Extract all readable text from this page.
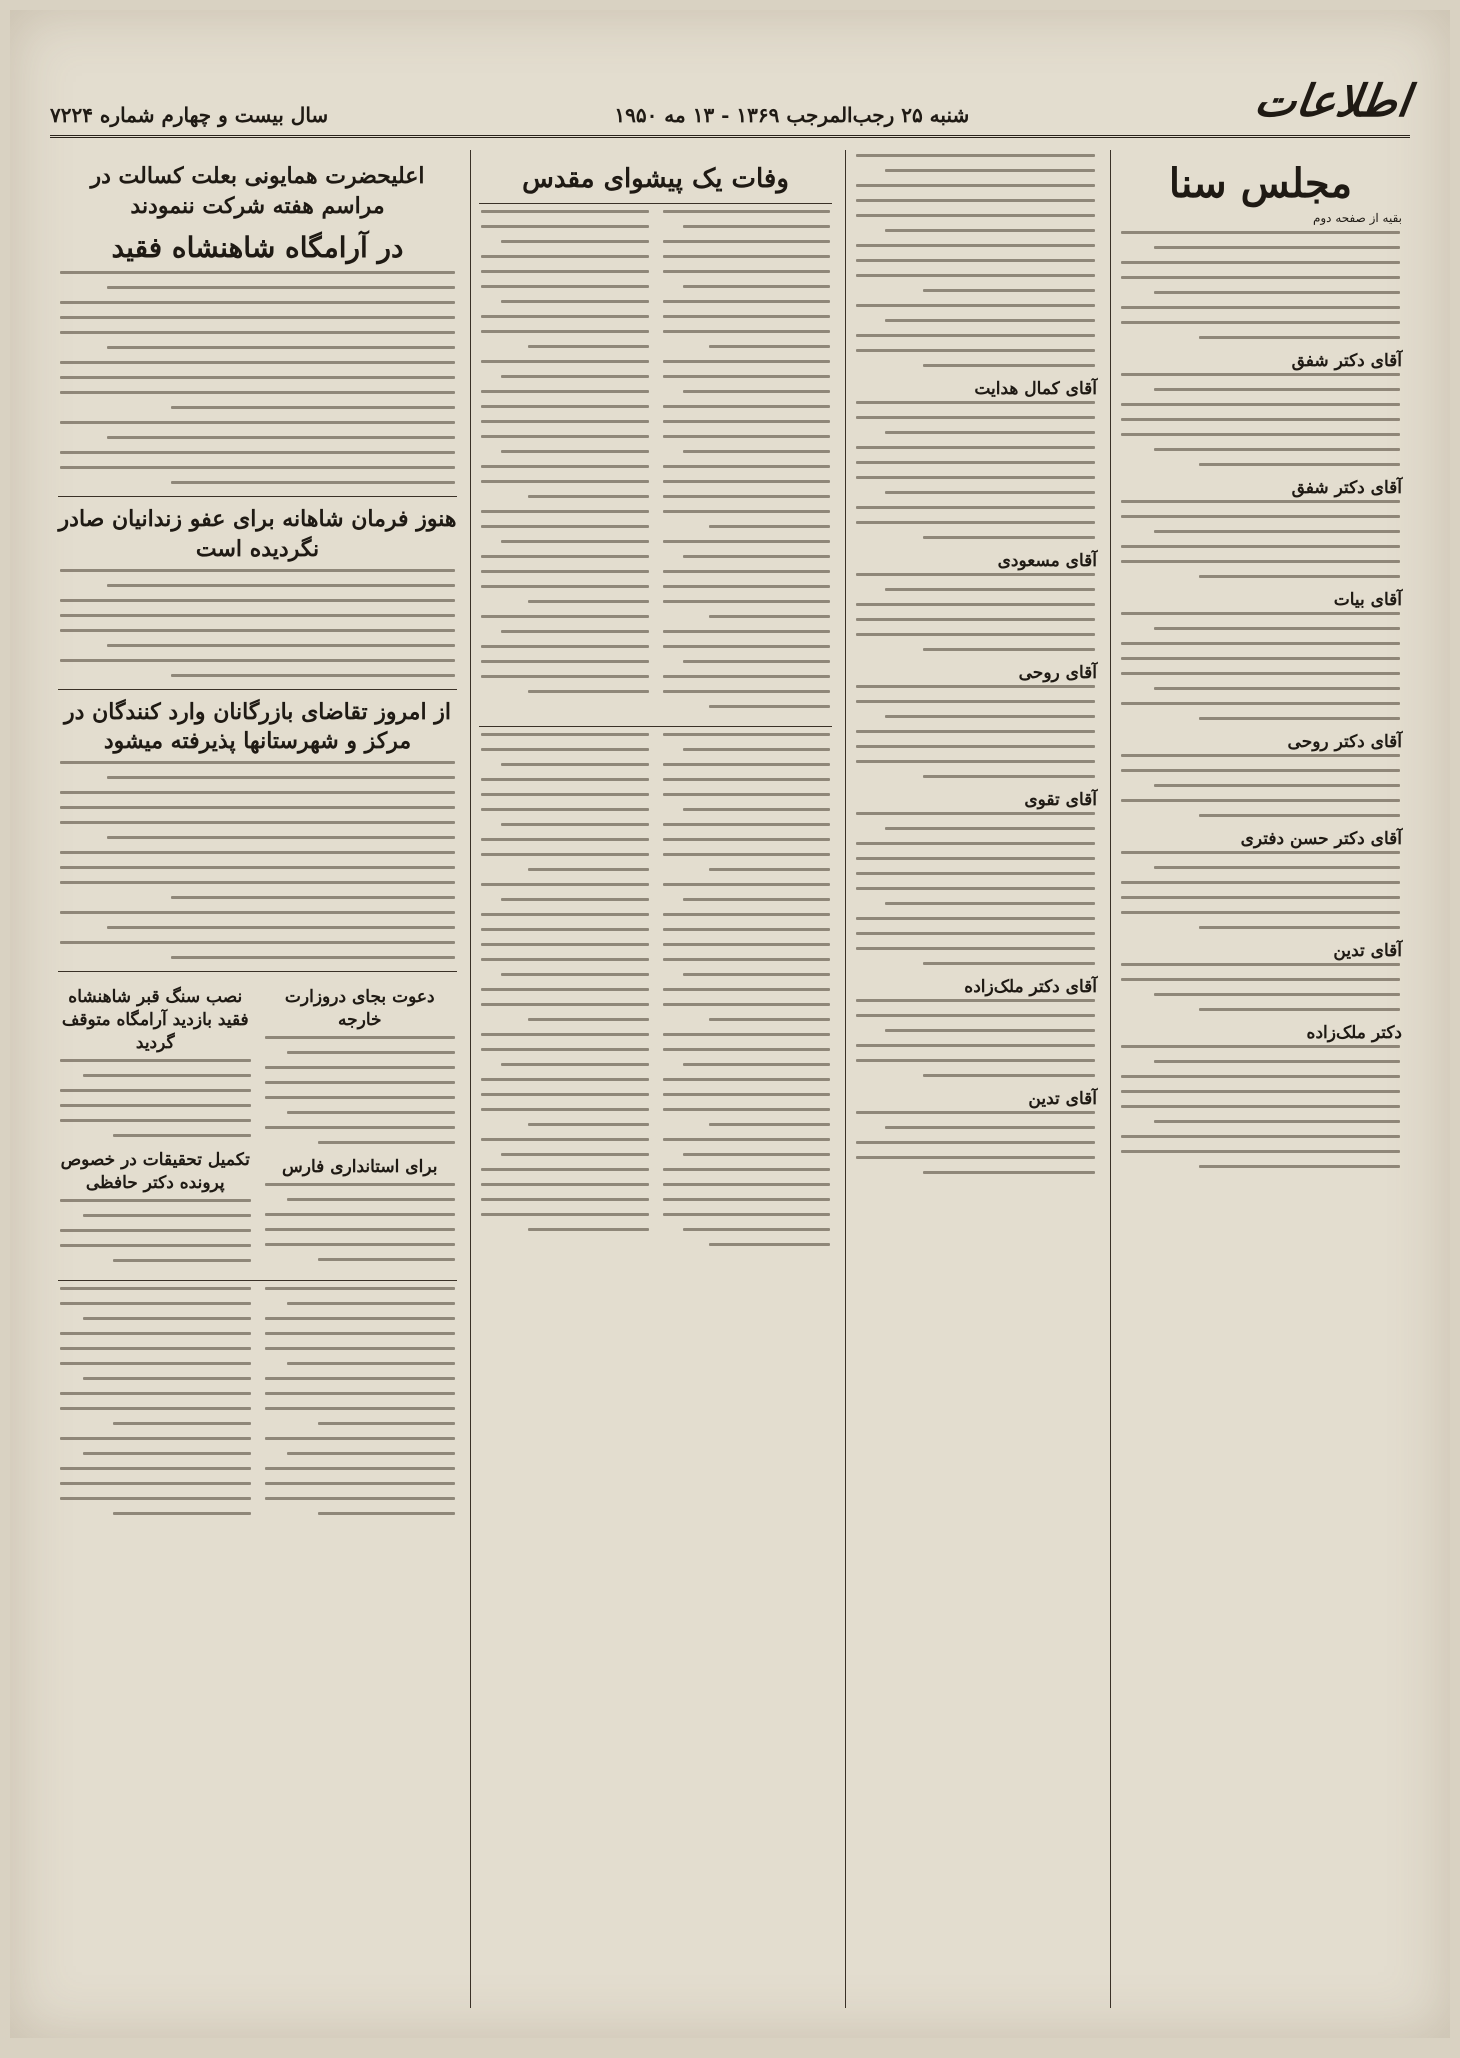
اطلاعات
شنبه ۲۵ رجب‌المرجب ۱۳۶۹ - ۱۳ مه ۱۹۵۰
سال بیست و چهارم شماره ۷۲۲۴
مجلس سنا
بقیه از صفحه دوم
آقای دکتر شفق
آقای دکتر شفق
آقای بیات
آقای دکتر روحی
آقای دکتر حسن دفتری
آقای تدین
دکتر ملک‌زاده
آقای کمال هدایت
آقای مسعودی
آقای روحی
آقای تقوی
آقای دکتر ملک‌زاده
آقای تدین
وفات یک پیشوای مقدس
اعلیحضرت همایونی بعلت کسالت در مراسم هفته شرکت ننمودند
در آرامگاه شاهنشاه فقید
هنوز فرمان شاهانه برای عفو زندانیان صادر نگردیده است
از امروز تقاضای بازرگانان وارد کنندگان در مرکز و شهرستانها پذیرفته میشود
دعوت بجای دروزارت خارجه
برای استانداری فارس
نصب سنگ قبر شاهنشاه فقید بازدید آرامگاه متوقف گردید
تکمیل تحقیقات در خصوص پرونده دکتر حافظی
